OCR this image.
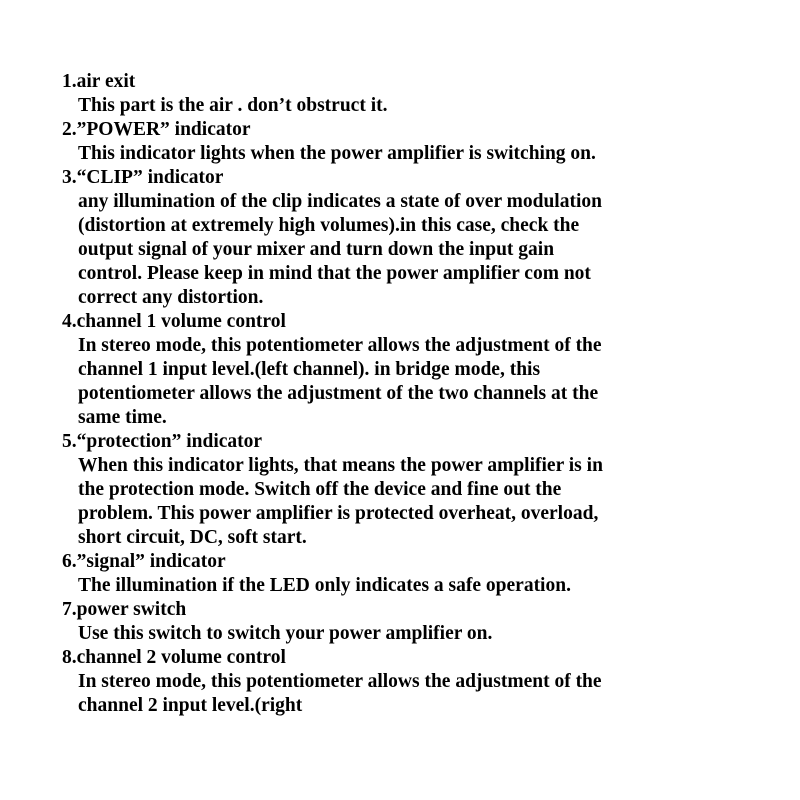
1.air exit
This part is the air . don’t obstruct it.
2.”POWER” indicator
This indicator lights when the power amplifier is switching on.
3.“CLIP” indicator
any illumination of the clip indicates a state of over modulation
(distortion at extremely high volumes).in this case, check the
output signal of your mixer and turn down the input gain
control. Please keep in mind that the power amplifier com not
correct any distortion.
4.channel 1 volume control
In stereo mode, this potentiometer allows the adjustment of the
channel 1 input level.(left channel). in bridge mode, this
potentiometer allows the adjustment of the two channels at the
same time.
5.“protection” indicator
When this indicator lights, that means the power amplifier is in
the protection mode. Switch off the device and fine out the
problem. This power amplifier is protected overheat, overload,
short circuit, DC, soft start.
6.”signal” indicator
The illumination if the LED only indicates a safe operation.
7.power switch
Use this switch to switch your power amplifier on.
8.channel 2 volume control
In stereo mode, this potentiometer allows the adjustment of the
channel 2 input level.(right
